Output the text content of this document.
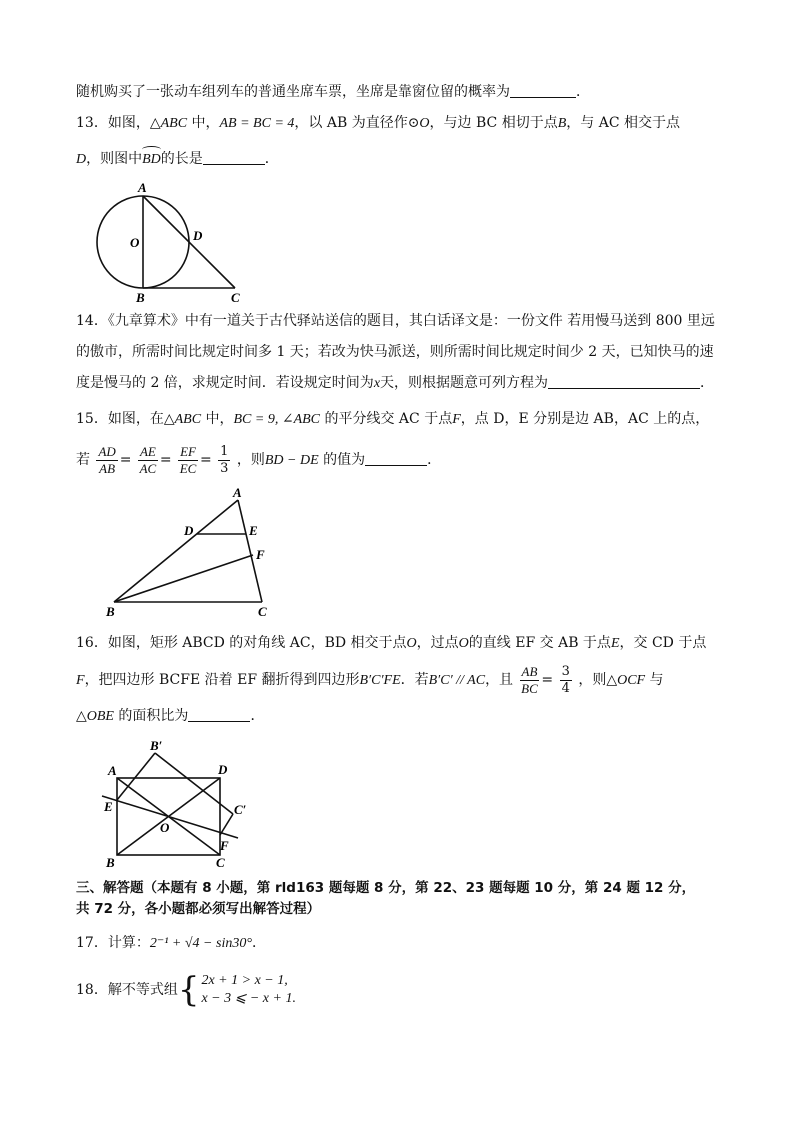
随机购买了一张动车组列车的普通坐席车票，坐席是靠窗位留的概率为	．
13．如图，△ABC 中，AB = BC = 4，以 AB 为直径作⊙O，与边 BC 相切于点B，与 AC 相交于点
D，则图中BD的长是	．
A
O	D
B	C
14．《九章算术》中有一道关于古代驿站送信的题目，其白话译文是：一份文件 若用慢马送到 800 里远
的傲市，所需时间比规定时间多 1 天；若改为快马派送，则所需时间比规定时间少 2 天，已知快马的速
度是慢马的 2 倍，求规定时间．若设规定时间为x天，则根据题意可列方程为	．
15．如图，在△ABC 中，BC = 9, ∠ABC 的平分线交 AC 于点F，点 D，E 分别是边 AB，AC 上的点，
若 $\frac{AD}{AB} = \frac{AE}{AC} = \frac{EF}{EC} = \frac{1}{3}$ ，则BD − DE 的值为	．
A
D	E
F
B	C
16．如图，矩形 ABCD 的对角线 AC，BD 相交于点O，过点O的直线 EF 交 AB 于点E，交 CD 于点
F，把四边形 BCFE 沿着 EF 翻折得到四边形B′C′FE．若B′C′ // AC，且 $\frac{AB}{BC} = \frac{3}{4}$ ，则△OCF 与
△OBE 的面积比为	．
B′
A	D
E	C′
O
F
B	C
三、解答题（本题有 8 小题，第 rld163 题每题 8 分，第 22、23 题每题 10 分，第 24 题 12 分，
共 72 分，各小题都必须写出解答过程）
17．计算：2⁻¹ + √4 − sin30°．
18．解不等式组{ 2x + 1 > x − 1,
x − 3 ⩽ − x + 1.
